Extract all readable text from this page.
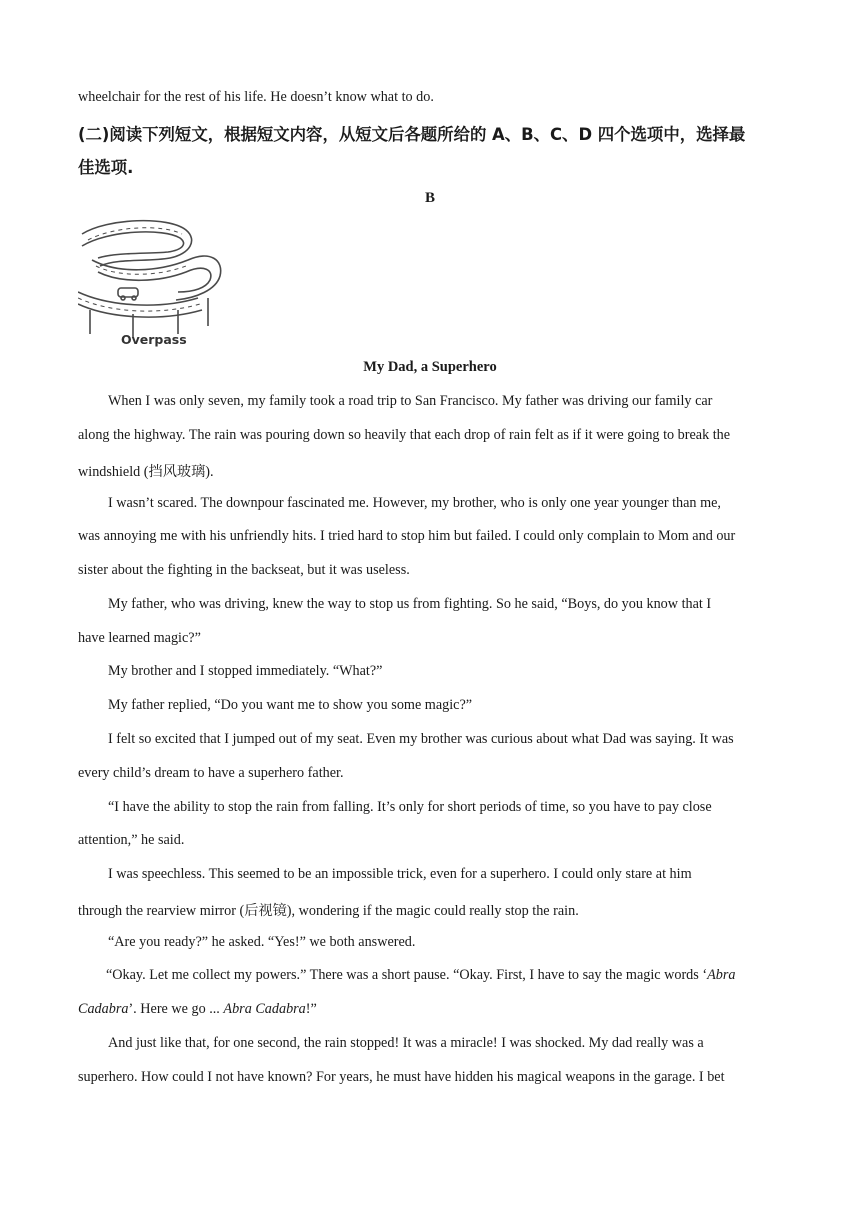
wheelchair for the rest of his life. He doesn’t know what to do.
(二)阅读下列短文，根据短文内容，从短文后各题所给的 A、B、C、D 四个选项中，选择最
佳选项.
B
Overpass
My Dad, a Superhero
When I was only seven, my family took a road trip to San Francisco. My father was driving our family car
along the highway. The rain was pouring down so heavily that each drop of rain felt as if it were going to break the
windshield (挡风玻璃).
I wasn’t scared. The downpour fascinated me. However, my brother, who is only one year younger than me,
was annoying me with his unfriendly hits. I tried hard to stop him but failed. I could only complain to Mom and our
sister about the fighting in the backseat, but it was useless.
My father, who was driving, knew the way to stop us from fighting. So he said, “Boys, do you know that I
have learned magic?”
My brother and I stopped immediately. “What?”
My father replied, “Do you want me to show you some magic?”
I felt so excited that I jumped out of my seat. Even my brother was curious about what Dad was saying. It was
every child’s dream to have a superhero father.
“I have the ability to stop the rain from falling. It’s only for short periods of time, so you have to pay close
attention,” he said.
I was speechless. This seemed to be an impossible trick, even for a superhero. I could only stare at him
through the rearview mirror (后视镜), wondering if the magic could really stop the rain.
“Are you ready?” he asked. “Yes!” we both answered.
“Okay. Let me collect my powers.” There was a short pause. “Okay. First, I have to say the magic words ‘Abra
Cadabra’. Here we go ... Abra Cadabra!”
And just like that, for one second, the rain stopped! It was a miracle! I was shocked. My dad really was a
superhero. How could I not have known? For years, he must have hidden his magical weapons in the garage. I bet
